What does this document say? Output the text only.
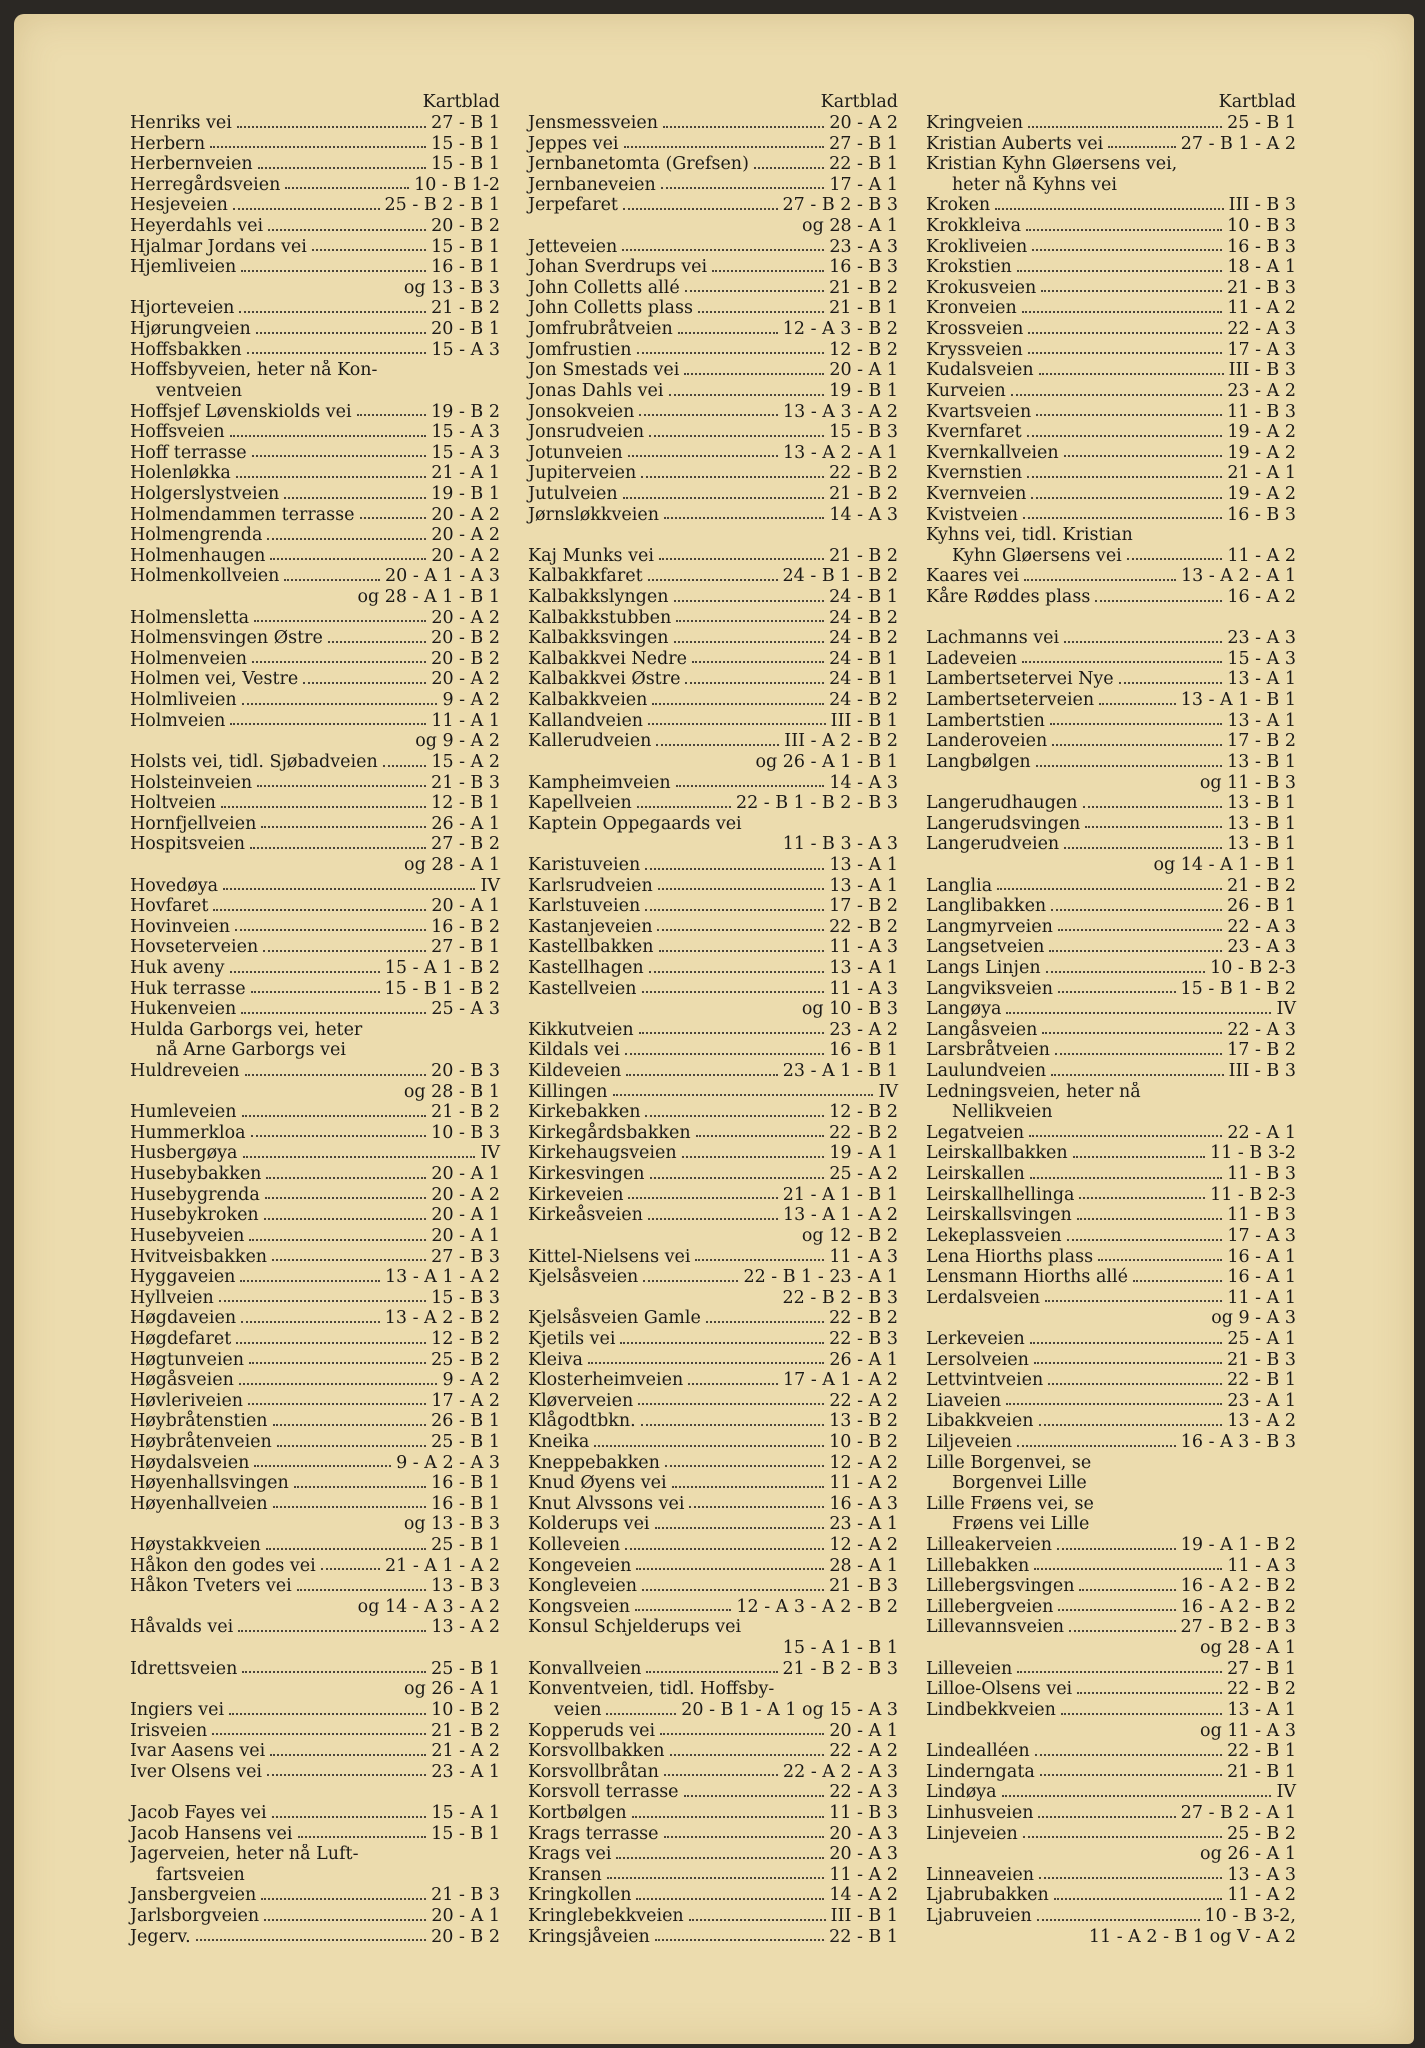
Kartblad
Henriks vei	27 - B 1
Herbern	15 - B 1
Herbernveien	15 - B 1
Herregårdsveien	10 - B 1-2
Hesjeveien	25 - B 2 - B 1
Heyerdahls vei	20 - B 2
Hjalmar Jordans vei	15 - B 1
Hjemliveien	16 - B 1
og 13 - B 3
Hjorteveien	21 - B 2
Hjørungveien	20 - B 1
Hoffsbakken	15 - A 3
Hoffsbyveien, heter nå Kon-
ventveien
Hoffsjef Løvenskiolds vei	19 - B 2
Hoffsveien	15 - A 3
Hoff terrasse	15 - A 3
Holenløkka	21 - A 1
Holgerslystveien	19 - B 1
Holmendammen terrasse	20 - A 2
Holmengrenda	20 - A 2
Holmenhaugen	20 - A 2
Holmenkollveien	20 - A 1 - A 3
og 28 - A 1 - B 1
Holmensletta	20 - A 2
Holmensvingen Østre	20 - B 2
Holmenveien	20 - B 2
Holmen vei, Vestre	20 - A 2
Holmliveien	9 - A 2
Holmveien	11 - A 1
og 9 - A 2
Holsts vei, tidl. Sjøbadveien	15 - A 2
Holsteinveien	21 - B 3
Holtveien	12 - B 1
Hornfjellveien	26 - A 1
Hospitsveien	27 - B 2
og 28 - A 1
Hovedøya	IV
Hovfaret	20 - A 1
Hovinveien	16 - B 2
Hovseterveien	27 - B 1
Huk aveny	15 - A 1 - B 2
Huk terrasse	15 - B 1 - B 2
Hukenveien	25 - A 3
Hulda Garborgs vei, heter
nå Arne Garborgs vei
Huldreveien	20 - B 3
og 28 - B 1
Humleveien	21 - B 2
Hummerkloa	10 - B 3
Husbergøya	IV
Husebybakken	20 - A 1
Husebygrenda	20 - A 2
Husebykroken	20 - A 1
Husebyveien	20 - A 1
Hvitveisbakken	27 - B 3
Hyggaveien	13 - A 1 - A 2
Hyllveien	15 - B 3
Høgdaveien	13 - A 2 - B 2
Høgdefaret	12 - B 2
Høgtunveien	25 - B 2
Høgåsveien	9 - A 2
Høvleriveien	17 - A 2
Høybråtenstien	26 - B 1
Høybråtenveien	25 - B 1
Høydalsveien	9 - A 2 - A 3
Høyenhallsvingen	16 - B 1
Høyenhallveien	16 - B 1
og 13 - B 3
Høystakkveien	25 - B 1
Håkon den godes vei	21 - A 1 - A 2
Håkon Tveters vei	13 - B 3
og 14 - A 3 - A 2
Håvalds vei	13 - A 2
Idrettsveien	25 - B 1
og 26 - A 1
Ingiers vei	10 - B 2
Irisveien	21 - B 2
Ivar Aasens vei	21 - A 2
Iver Olsens vei	23 - A 1
Jacob Fayes vei	15 - A 1
Jacob Hansens vei	15 - B 1
Jagerveien, heter nå Luft-
fartsveien
Jansbergveien	21 - B 3
Jarlsborgveien	20 - A 1
Jegerv.	20 - B 2
Kartblad
Jensmessveien	20 - A 2
Jeppes vei	27 - B 1
Jernbanetomta (Grefsen)	22 - B 1
Jernbaneveien	17 - A 1
Jerpefaret	27 - B 2 - B 3
og 28 - A 1
Jetteveien	23 - A 3
Johan Sverdrups vei	16 - B 3
John Colletts allé	21 - B 2
John Colletts plass	21 - B 1
Jomfrubråtveien	12 - A 3 - B 2
Jomfrustien	12 - B 2
Jon Smestads vei	20 - A 1
Jonas Dahls vei	19 - B 1
Jonsokveien	13 - A 3 - A 2
Jonsrudveien	15 - B 3
Jotunveien	13 - A 2 - A 1
Jupiterveien	22 - B 2
Jutulveien	21 - B 2
Jørnsløkkveien	14 - A 3
Kaj Munks vei	21 - B 2
Kalbakkfaret	24 - B 1 - B 2
Kalbakkslyngen	24 - B 1
Kalbakkstubben	24 - B 2
Kalbakksvingen	24 - B 2
Kalbakkvei Nedre	24 - B 1
Kalbakkvei Østre	24 - B 1
Kalbakkveien	24 - B 2
Kallandveien	III - B 1
Kallerudveien	III - A 2 - B 2
og 26 - A 1 - B 1
Kampheimveien	14 - A 3
Kapellveien	22 - B 1 - B 2 - B 3
Kaptein Oppegaards vei
11 - B 3 - A 3
Karistuveien	13 - A 1
Karlsrudveien	13 - A 1
Karlstuveien	17 - B 2
Kastanjeveien	22 - B 2
Kastellbakken	11 - A 3
Kastellhagen	13 - A 1
Kastellveien	11 - A 3
og 10 - B 3
Kikkutveien	23 - A 2
Kildals vei	16 - B 1
Kildeveien	23 - A 1 - B 1
Killingen	IV
Kirkebakken	12 - B 2
Kirkegårdsbakken	22 - B 2
Kirkehaugsveien	19 - A 1
Kirkesvingen	25 - A 2
Kirkeveien	21 - A 1 - B 1
Kirkeåsveien	13 - A 1 - A 2
og 12 - B 2
Kittel-Nielsens vei	11 - A 3
Kjelsåsveien	22 - B 1 - 23 - A 1
22 - B 2 - B 3
Kjelsåsveien Gamle	22 - B 2
Kjetils vei	22 - B 3
Kleiva	26 - A 1
Klosterheimveien	17 - A 1 - A 2
Kløverveien	22 - A 2
Klågodtbkn.	13 - B 2
Kneika	10 - B 2
Kneppebakken	12 - A 2
Knud Øyens vei	11 - A 2
Knut Alvssons vei	16 - A 3
Kolderups vei	23 - A 1
Kolleveien	12 - A 2
Kongeveien	28 - A 1
Kongleveien	21 - B 3
Kongsveien	12 - A 3 - A 2 - B 2
Konsul Schjelderups vei
15 - A 1 - B 1
Konvallveien	21 - B 2 - B 3
Konventveien, tidl. Hoffsby-
veien	20 - B 1 - A 1 og 15 - A 3
Kopperuds vei	20 - A 1
Korsvollbakken	22 - A 2
Korsvollbråtan	22 - A 2 - A 3
Korsvoll terrasse	22 - A 3
Kortbølgen	11 - B 3
Krags terrasse	20 - A 3
Krags vei	20 - A 3
Kransen	11 - A 2
Kringkollen	14 - A 2
Kringlebekkveien	III - B 1
Kringsjåveien	22 - B 1
Kartblad
Kringveien	25 - B 1
Kristian Auberts vei	27 - B 1 - A 2
Kristian Kyhn Gløersens vei,
heter nå Kyhns vei
Kroken	III - B 3
Krokkleiva	10 - B 3
Krokliveien	16 - B 3
Krokstien	18 - A 1
Krokusveien	21 - B 3
Kronveien	11 - A 2
Krossveien	22 - A 3
Kryssveien	17 - A 3
Kudalsveien	III - B 3
Kurveien	23 - A 2
Kvartsveien	11 - B 3
Kvernfaret	19 - A 2
Kvernkallveien	19 - A 2
Kvernstien	21 - A 1
Kvernveien	19 - A 2
Kvistveien	16 - B 3
Kyhns vei, tidl. Kristian
Kyhn Gløersens vei	11 - A 2
Kaares vei	13 - A 2 - A 1
Kåre Røddes plass	16 - A 2
Lachmanns vei	23 - A 3
Ladeveien	15 - A 3
Lambertsetervei Nye	13 - A 1
Lambertseterveien	13 - A 1 - B 1
Lambertstien	13 - A 1
Landeroveien	17 - B 2
Langbølgen	13 - B 1
og 11 - B 3
Langerudhaugen	13 - B 1
Langerudsvingen	13 - B 1
Langerudveien	13 - B 1
og 14 - A 1 - B 1
Langlia	21 - B 2
Langlibakken	26 - B 1
Langmyrveien	22 - A 3
Langsetveien	23 - A 3
Langs Linjen	10 - B 2-3
Langviksveien	15 - B 1 - B 2
Langøya	IV
Langåsveien	22 - A 3
Larsbråtveien	17 - B 2
Laulundveien	III - B 3
Ledningsveien, heter nå
Nellikveien
Legatveien	22 - A 1
Leirskallbakken	11 - B 3-2
Leirskallen	11 - B 3
Leirskallhellinga	11 - B 2-3
Leirskallsvingen	11 - B 3
Lekeplassveien	17 - A 3
Lena Hiorths plass	16 - A 1
Lensmann Hiorths allé	16 - A 1
Lerdalsveien	11 - A 1
og 9 - A 3
Lerkeveien	25 - A 1
Lersolveien	21 - B 3
Lettvintveien	22 - B 1
Liaveien	23 - A 1
Libakkveien	13 - A 2
Liljeveien	16 - A 3 - B 3
Lille Borgenvei, se
Borgenvei Lille
Lille Frøens vei, se
Frøens vei Lille
Lilleakerveien	19 - A 1 - B 2
Lillebakken	11 - A 3
Lillebergsvingen	16 - A 2 - B 2
Lillebergveien	16 - A 2 - B 2
Lillevannsveien	27 - B 2 - B 3
og 28 - A 1
Lilleveien	27 - B 1
Lilloe-Olsens vei	22 - B 2
Lindbekkveien	13 - A 1
og 11 - A 3
Lindealléen	22 - B 1
Linderngata	21 - B 1
Lindøya	IV
Linhusveien	27 - B 2 - A 1
Linjeveien	25 - B 2
og 26 - A 1
Linneaveien	13 - A 3
Ljabrubakken	11 - A 2
Ljabruveien	10 - B 3-2,
11 - A 2 - B 1 og V - A 2
